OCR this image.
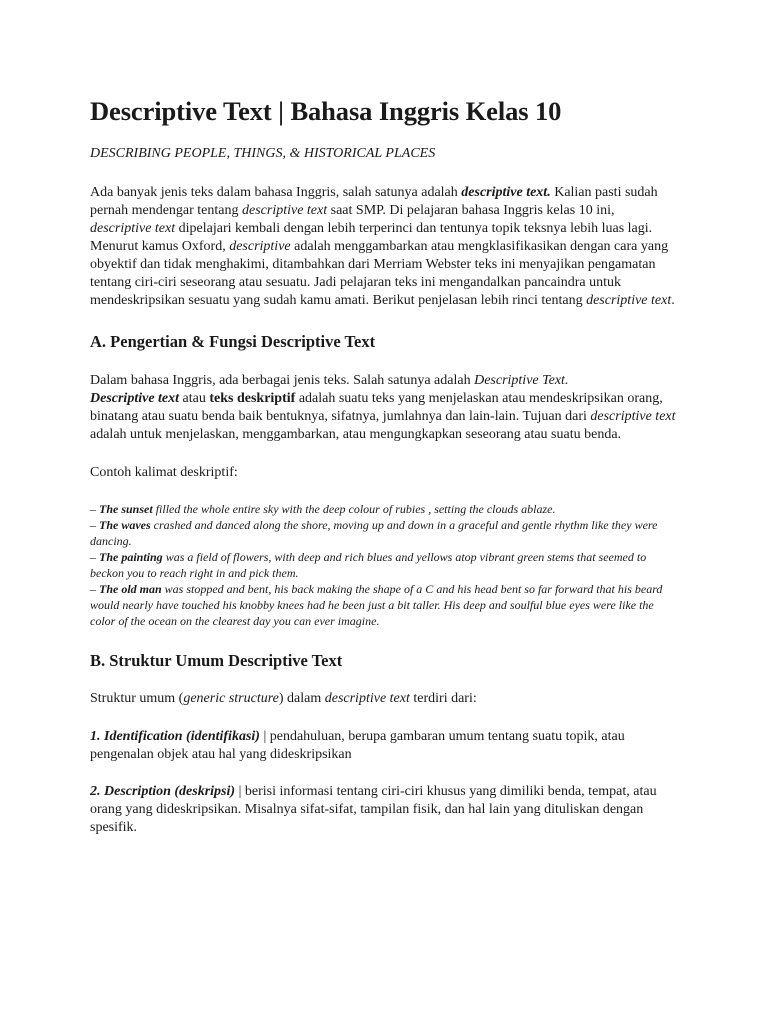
Descriptive Text | Bahasa Inggris Kelas 10
DESCRIBING PEOPLE, THINGS, & HISTORICAL PLACES

Ada banyak jenis teks dalam bahasa Inggris, salah satunya adalah descriptive text. Kalian pasti sudah pernah mendengar tentang descriptive text saat SMP. Di pelajaran bahasa Inggris kelas 10 ini, descriptive text dipelajari kembali dengan lebih terperinci dan tentunya topik teksnya lebih luas lagi. Menurut kamus Oxford, descriptive adalah menggambarkan atau mengklasifikasikan dengan cara yang obyektif dan tidak menghakimi, ditambahkan dari Merriam Webster teks ini menyajikan pengamatan tentang ciri-ciri seseorang atau sesuatu. Jadi pelajaran teks ini mengandalkan pancaindra untuk mendeskripsikan sesuatu yang sudah kamu amati. Berikut penjelasan lebih rinci tentang descriptive text.

A. Pengertian & Fungsi Descriptive Text

Dalam bahasa Inggris, ada berbagai jenis teks. Salah satunya adalah Descriptive Text.
Descriptive text atau teks deskriptif adalah suatu teks yang menjelaskan atau mendeskripsikan orang, binatang atau suatu benda baik bentuknya, sifatnya, jumlahnya dan lain-lain. Tujuan dari descriptive text adalah untuk menjelaskan, menggambarkan, atau mengungkapkan seseorang atau suatu benda.

Contoh kalimat deskriptif:

– The sunset filled the whole entire sky with the deep colour of rubies , setting the clouds ablaze.
– The waves crashed and danced along the shore, moving up and down in a graceful and gentle rhythm like they were dancing.
– The painting was a field of flowers, with deep and rich blues and yellows atop vibrant green stems that seemed to beckon you to reach right in and pick them.
– The old man was stopped and bent, his back making the shape of a C and his head bent so far forward that his beard would nearly have touched his knobby knees had he been just a bit taller. His deep and soulful blue eyes were like the color of the ocean on the clearest day you can ever imagine.
B. Struktur Umum Descriptive Text

Struktur umum (generic structure) dalam descriptive text terdiri dari:

1. Identification (identifikasi) | pendahuluan, berupa gambaran umum tentang suatu topik, atau pengenalan objek atau hal yang dideskripsikan

2. Description (deskripsi) | berisi informasi tentang ciri-ciri khusus yang dimiliki benda, tempat, atau orang yang dideskripsikan. Misalnya sifat-sifat, tampilan fisik, dan hal lain yang dituliskan dengan spesifik.
